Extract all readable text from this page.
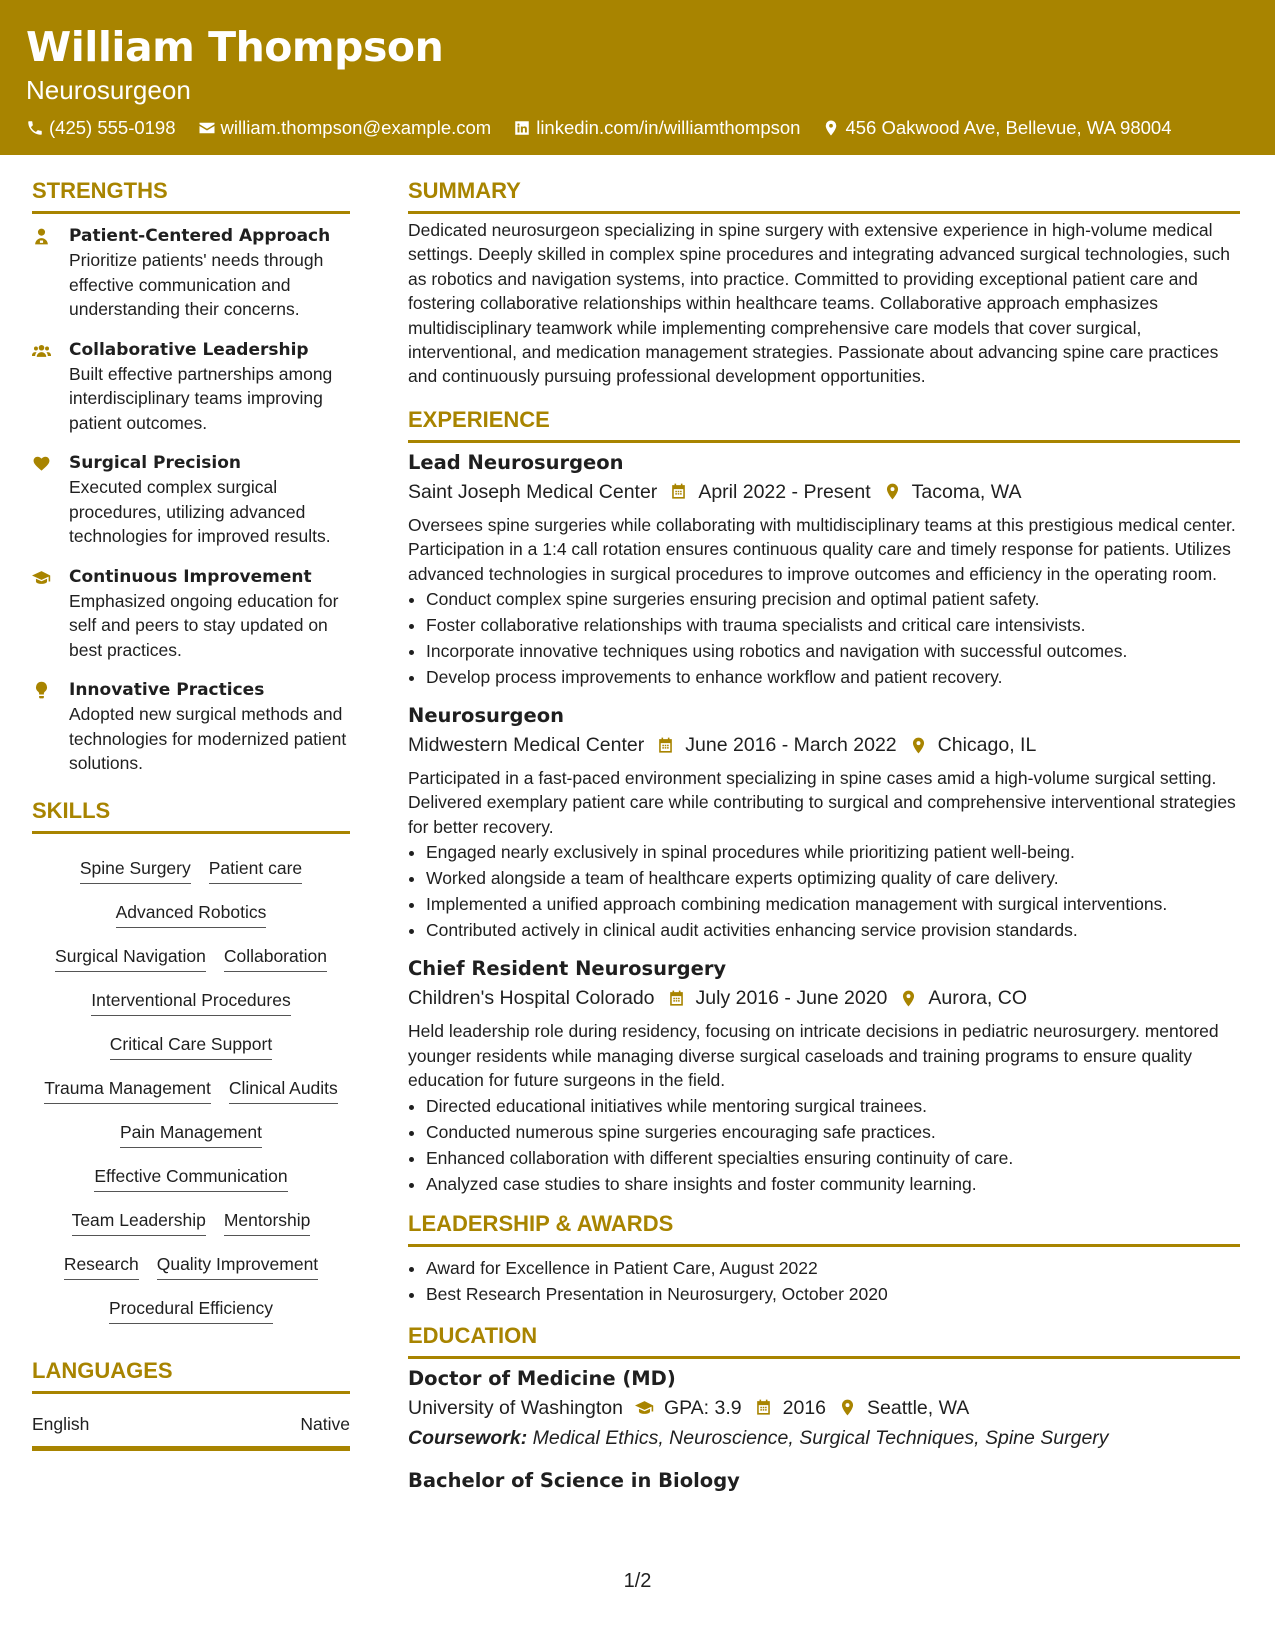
William Thompson
Neurosurgeon
(425) 555-0198 william.thompson@example.com linkedin.com/in/williamthompson 456 Oakwood Ave, Bellevue, WA 98004
STRENGTHS
Patient-Centered Approach
Prioritize patients' needs through effective communication and understanding their concerns.
Collaborative Leadership
Built effective partnerships among interdisciplinary teams improving patient outcomes.
Surgical Precision
Executed complex surgical procedures, utilizing advanced technologies for improved results.
Continuous Improvement
Emphasized ongoing education for self and peers to stay updated on best practices.
Innovative Practices
Adopted new surgical methods and technologies for modernized patient solutions.
SKILLS
Spine Surgery Patient care
Advanced Robotics
Surgical Navigation Collaboration
Interventional Procedures
Critical Care Support
Trauma Management Clinical Audits
Pain Management
Effective Communication
Team Leadership Mentorship
Research Quality Improvement
Procedural Efficiency
LANGUAGES
English	Native
SUMMARY

Dedicated neurosurgeon specializing in spine surgery with extensive experience in high-volume medical settings. Deeply skilled in complex spine procedures and integrating advanced surgical technologies, such as robotics and navigation systems, into practice. Committed to providing exceptional patient care and fostering collaborative relationships within healthcare teams. Collaborative approach emphasizes multidisciplinary teamwork while implementing comprehensive care models that cover surgical, interventional, and medication management strategies. Passionate about advancing spine care practices and continuously pursuing professional development opportunities.

EXPERIENCE
Lead Neurosurgeon
Saint Joseph Medical Center April 2022 - Present Tacoma, WA

Oversees spine surgeries while collaborating with multidisciplinary teams at this prestigious medical center. Participation in a 1:4 call rotation ensures continuous quality care and timely response for patients. Utilizes advanced technologies in surgical procedures to improve outcomes and efficiency in the operating room.

• Conduct complex spine surgeries ensuring precision and optimal patient safety.
• Foster collaborative relationships with trauma specialists and critical care intensivists.
• Incorporate innovative techniques using robotics and navigation with successful outcomes.
• Develop process improvements to enhance workflow and patient recovery.
Neurosurgeon
Midwestern Medical Center June 2016 - March 2022 Chicago, IL

Participated in a fast-paced environment specializing in spine cases amid a high-volume surgical setting. Delivered exemplary patient care while contributing to surgical and comprehensive interventional strategies for better recovery.

• Engaged nearly exclusively in spinal procedures while prioritizing patient well-being.
• Worked alongside a team of healthcare experts optimizing quality of care delivery.
• Implemented a unified approach combining medication management with surgical interventions.
• Contributed actively in clinical audit activities enhancing service provision standards.
Chief Resident Neurosurgery
Children's Hospital Colorado July 2016 - June 2020 Aurora, CO

Held leadership role during residency, focusing on intricate decisions in pediatric neurosurgery. mentored younger residents while managing diverse surgical caseloads and training programs to ensure quality education for future surgeons in the field.

• Directed educational initiatives while mentoring surgical trainees.
• Conducted numerous spine surgeries encouraging safe practices.
• Enhanced collaboration with different specialties ensuring continuity of care.
• Analyzed case studies to share insights and foster community learning.
LEADERSHIP & AWARDS
• Award for Excellence in Patient Care, August 2022
• Best Research Presentation in Neurosurgery, October 2020
EDUCATION
Doctor of Medicine (MD)
University of Washington GPA: 3.9 2016 Seattle, WA
Coursework: Medical Ethics, Neuroscience, Surgical Techniques, Spine Surgery
Bachelor of Science in Biology
1/2
